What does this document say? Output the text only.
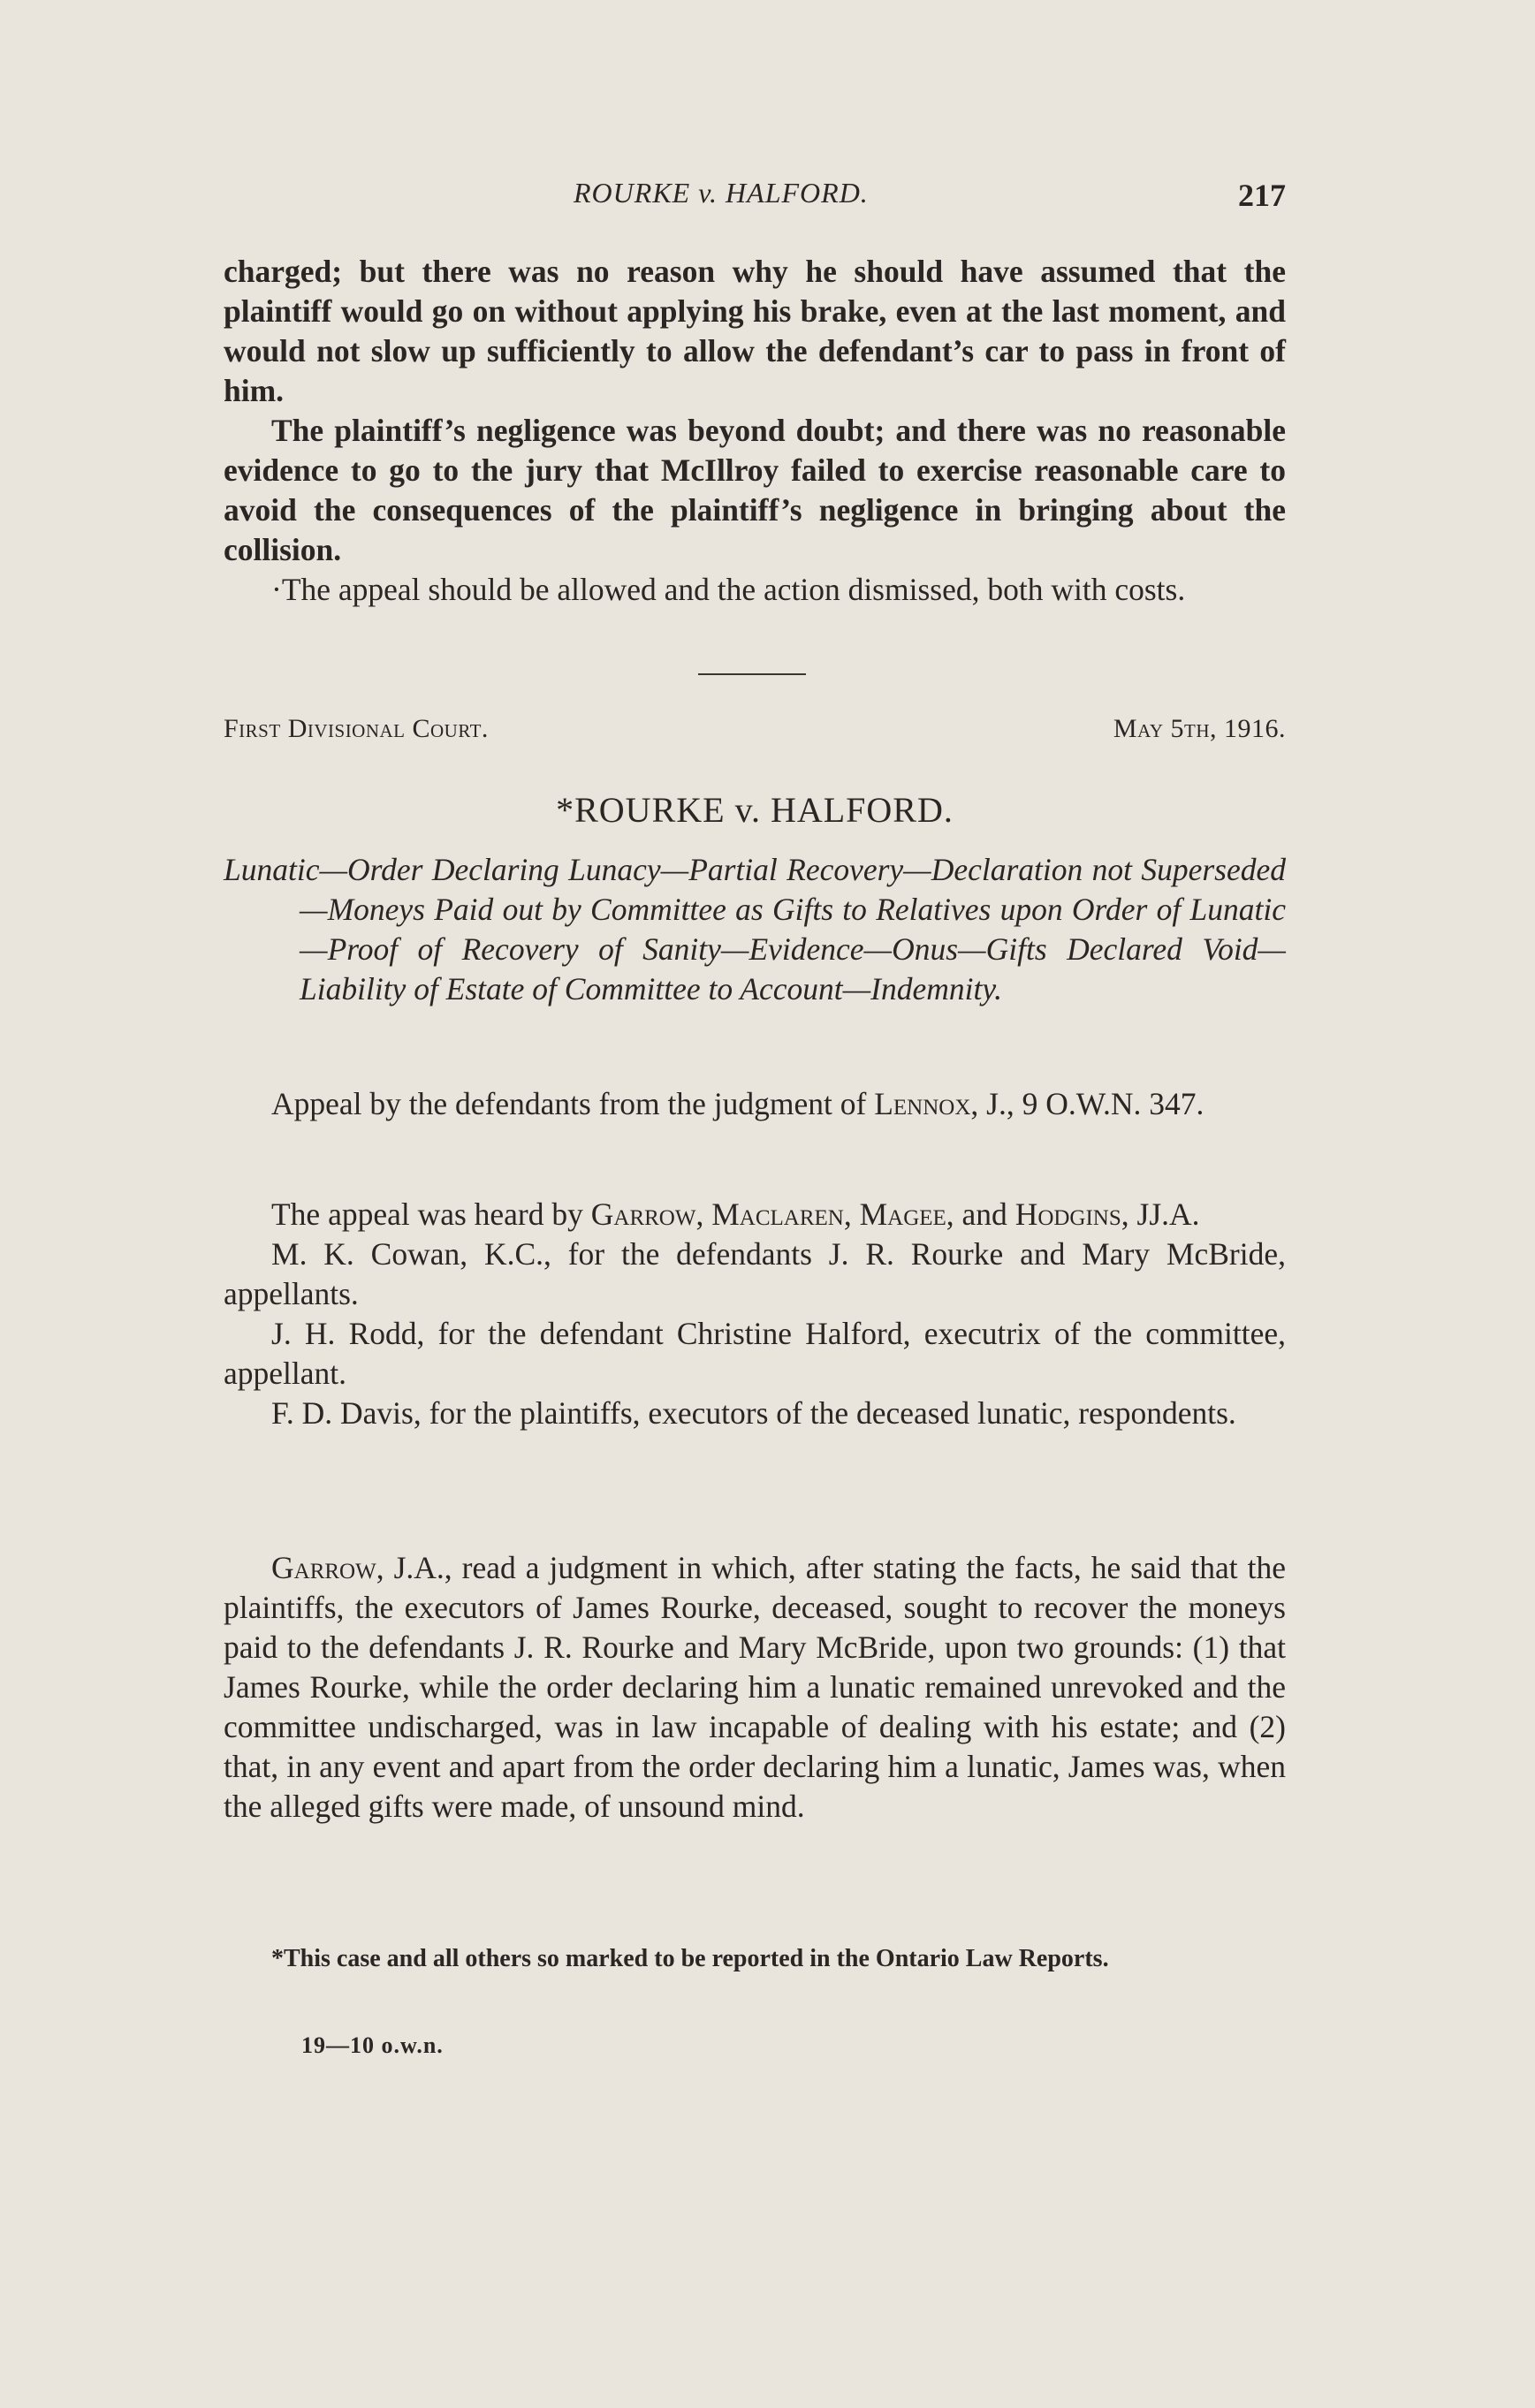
ROURKE v. HALFORD.	217

charged; but there was no reason why he should have assumed that the plaintiff would go on without applying his brake, even at the last moment, and would not slow up sufficiently to allow the defendant’s car to pass in front of him.

The plaintiff’s negligence was beyond doubt; and there was no reasonable evidence to go to the jury that McIllroy failed to exercise reasonable care to avoid the consequences of the plaintiff’s negligence in bringing about the collision.

·The appeal should be allowed and the action dismissed, both with costs.

First Divisional Court.	May 5th, 1916.
*ROURKE v. HALFORD.

Lunatic—Order Declaring Lunacy—Partial Recovery—Declaration not Superseded—Moneys Paid out by Committee as Gifts to Relatives upon Order of Lunatic—Proof of Recovery of Sanity—Evidence—Onus—Gifts Declared Void—Liability of Estate of Committee to Account—Indemnity.

Appeal by the defendants from the judgment of Lennox, J., 9 O.W.N. 347.

The appeal was heard by Garrow, Maclaren, Magee, and Hodgins, JJ.A.

M. K. Cowan, K.C., for the defendants J. R. Rourke and Mary McBride, appellants.

J. H. Rodd, for the defendant Christine Halford, executrix of the committee, appellant.

F. D. Davis, for the plaintiffs, executors of the deceased lunatic, respondents.

Garrow, J.A., read a judgment in which, after stating the facts, he said that the plaintiffs, the executors of James Rourke, deceased, sought to recover the moneys paid to the defendants J. R. Rourke and Mary McBride, upon two grounds: (1) that James Rourke, while the order declaring him a lunatic remained unrevoked and the committee undischarged, was in law incapable of dealing with his estate; and (2) that, in any event and apart from the order declaring him a lunatic, James was, when the alleged gifts were made, of unsound mind.

*This case and all others so marked to be reported in the Ontario Law Reports.

19—10 o.w.n.
